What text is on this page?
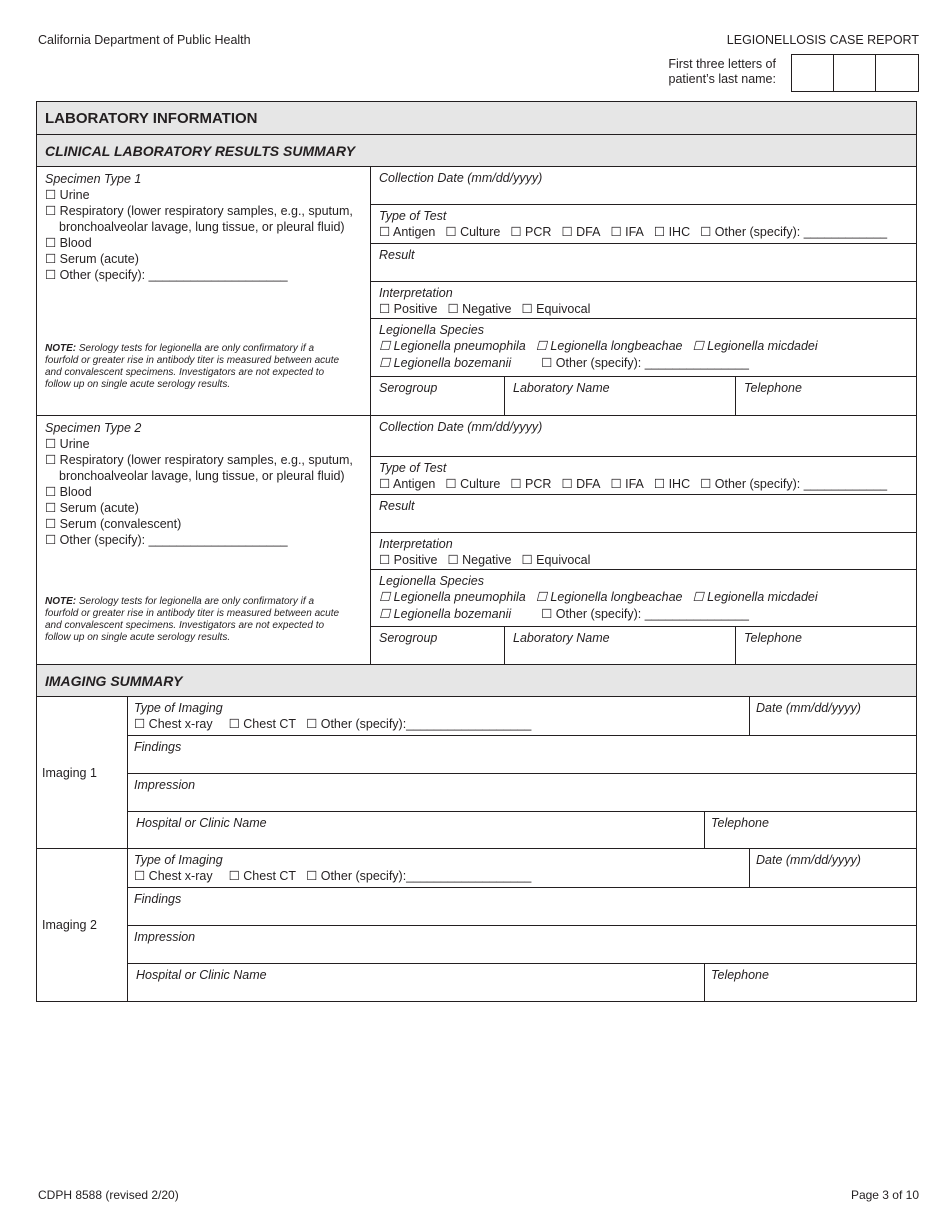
California Department of Public Health	LEGIONELLOSIS CASE REPORT
First three letters of
patient’s last name:
LABORATORY INFORMATION
CLINICAL LABORATORY RESULTS SUMMARY
Specimen Type 1
☐ Urine
☐ Respiratory (lower respiratory samples, e.g., sputum,
bronchoalveolar lavage, lung tissue, or pleural fluid)
☐ Blood
☐ Serum (acute)
☐ Other (specify): ____________________
NOTE: Serology tests for legionella are only confirmatory if a fourfold or greater rise in antibody titer is measured between acute and convalescent specimens. Investigators are not expected to follow up on single acute serology results.
Collection Date (mm/dd/yyyy)
Type of Test
☐ Antigen ☐ Culture ☐ PCR ☐ DFA ☐ IFA ☐ IHC ☐ Other (specify): ____________
Result
Interpretation
☐ Positive ☐ Negative ☐ Equivocal
Legionella Species
☐ Legionella pneumophila ☐ Legionella longbeachae ☐ Legionella micdadei
☐ Legionella bozemanii ☐ Other (specify): _______________
Serogroup	Laboratory Name	Telephone
Specimen Type 2
☐ Urine
☐ Respiratory (lower respiratory samples, e.g., sputum,
bronchoalveolar lavage, lung tissue, or pleural fluid)
☐ Blood
☐ Serum (acute)
☐ Serum (convalescent)
☐ Other (specify): ____________________
NOTE: Serology tests for legionella are only confirmatory if a fourfold or greater rise in antibody titer is measured between acute and convalescent specimens. Investigators are not expected to follow up on single acute serology results.
Collection Date (mm/dd/yyyy)
Type of Test
☐ Antigen ☐ Culture ☐ PCR ☐ DFA ☐ IFA ☐ IHC ☐ Other (specify): ____________
Result
Interpretation
☐ Positive ☐ Negative ☐ Equivocal
Legionella Species
☐ Legionella pneumophila ☐ Legionella longbeachae ☐ Legionella micdadei
☐ Legionella bozemanii ☐ Other (specify): _______________
Serogroup	Laboratory Name	Telephone
IMAGING SUMMARY
Imaging 1
Type of Imaging
☐ Chest x-ray ☐ Chest CT ☐ Other (specify):__________________
Date (mm/dd/yyyy)
Findings
Impression
Hospital or Clinic Name	Telephone
Imaging 2
Type of Imaging
☐ Chest x-ray ☐ Chest CT ☐ Other (specify):__________________
Date (mm/dd/yyyy)
Findings
Impression
Hospital or Clinic Name	Telephone
CDPH 8588 (revised 2/20)	Page 3 of 10
